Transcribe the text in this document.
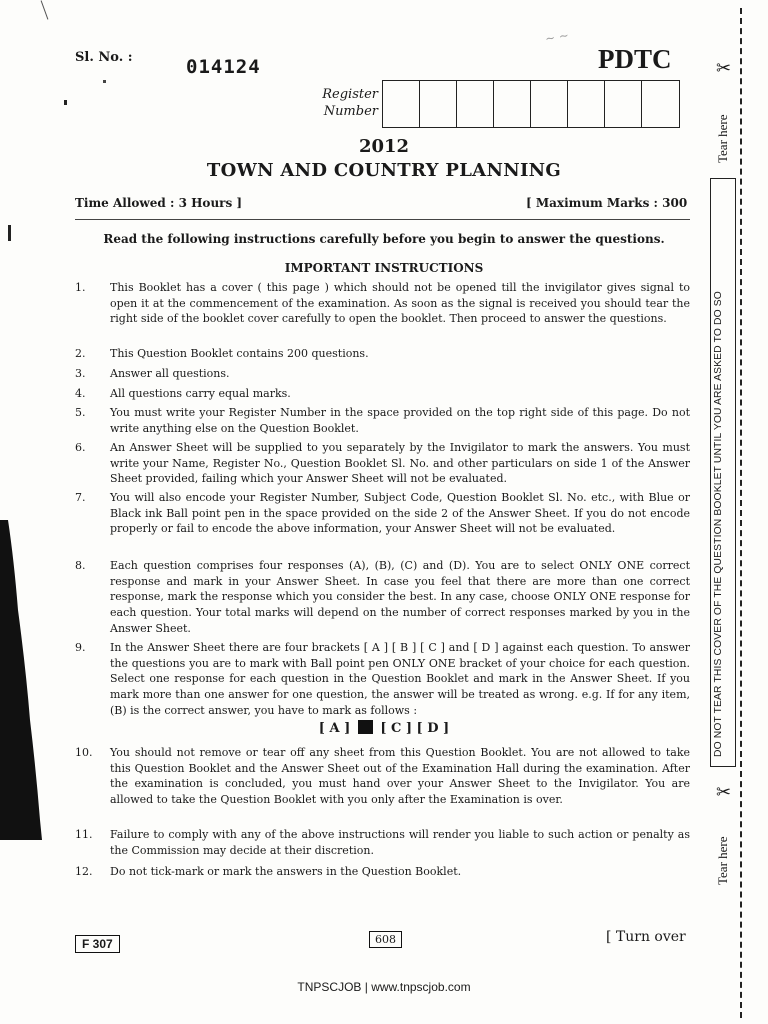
Sl. No. :	014124
~ ~
PDTC
Register
Number
2012
TOWN AND COUNTRY PLANNING
Time Allowed : 3 Hours ]	[ Maximum Marks : 300
Read the following instructions carefully before you begin to answer the questions.
IMPORTANT INSTRUCTIONS
1.	This Booklet has a cover ( this page ) which should not be opened till the invigilator gives signal to open it at the commencement of the examination. As soon as the signal is received you should tear the right side of the booklet cover carefully to open the booklet. Then proceed to answer the questions.
2.	This Question Booklet contains 200 questions.
3.	Answer all questions.
4.	All questions carry equal marks.
5.	You must write your Register Number in the space provided on the top right side of this page. Do not write anything else on the Question Booklet.
6.	An Answer Sheet will be supplied to you separately by the Invigilator to mark the answers. You must write your Name, Register No., Question Booklet Sl. No. and other particulars on side 1 of the Answer Sheet provided, failing which your Answer Sheet will not be evaluated.
7.	You will also encode your Register Number, Subject Code, Question Booklet Sl. No. etc., with Blue or Black ink Ball point pen in the space provided on the side 2 of the Answer Sheet. If you do not encode properly or fail to encode the above information, your Answer Sheet will not be evaluated.
8.	Each question comprises four responses (A), (B), (C) and (D). You are to select ONLY ONE correct response and mark in your Answer Sheet. In case you feel that there are more than one correct response, mark the response which you consider the best. In any case, choose ONLY ONE response for each question. Your total marks will depend on the number of correct responses marked by you in the Answer Sheet.
9.	In the Answer Sheet there are four brackets [ A ] [ B ] [ C ] and [ D ] against each question. To answer the questions you are to mark with Ball point pen ONLY ONE bracket of your choice for each question. Select one response for each question in the Question Booklet and mark in the Answer Sheet. If you mark more than one answer for one question, the answer will be treated as wrong. e.g. If for any item, (B) is the correct answer, you have to mark as follows :
[ A ] [ C ] [ D ]
10.	You should not remove or tear off any sheet from this Question Booklet. You are not allowed to take this Question Booklet and the Answer Sheet out of the Examination Hall during the examination. After the examination is concluded, you must hand over your Answer Sheet to the Invigilator. You are allowed to take the Question Booklet with you only after the Examination is over.
11.	Failure to comply with any of the above instructions will render you liable to such action or penalty as the Commission may decide at their discretion.
12.	Do not tick-mark or mark the answers in the Question Booklet.
F 307	608	[ Turn over
TNPSCJOB | www.tnpscjob.com
✂
Tear here
DO NOT TEAR THIS COVER OF THE QUESTION BOOKLET UNTIL YOU ARE ASKED TO DO SO
✂
Tear here
